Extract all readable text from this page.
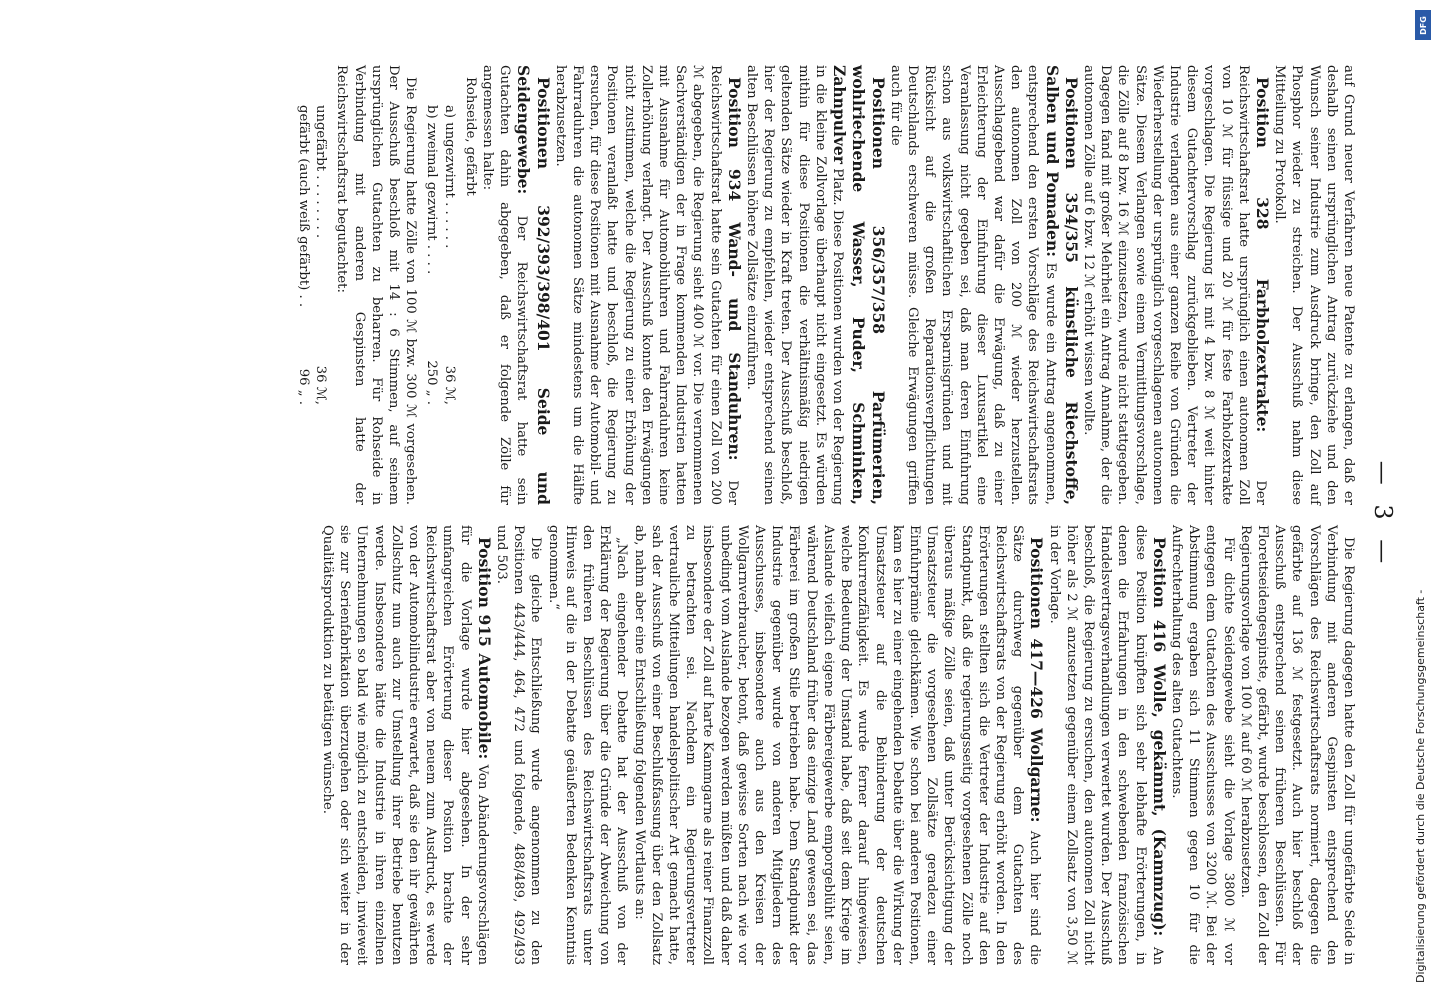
— 3 —

auf Grund neuer Verfahren neue Patente zu erlangen, daß er deshalb seinen ursprünglichen Antrag zurückziehe und den Wunsch seiner Industrie zum Ausdruck bringe, den Zoll auf Phosphor wieder zu streichen. Der Ausschuß nahm diese Mitteilung zu Protokoll.

Position 328 Farbholzextrakte: Der Reichswirtschaftsrat hatte ursprünglich einen autonomen Zoll von 10 ℳ für flüssige und 20 ℳ für feste Farbholzextrakte vorgeschlagen. Die Regierung ist mit 4 bzw. 8 ℳ weit hinter diesem Gutachtervorschlag zurückgeblieben. Vertreter der Industrie verlangten aus einer ganzen Reihe von Gründen die Wiederherstellung der ursprünglich vorgeschlagenen autonomen Sätze. Diesem Verlangen sowie einem Vermittlungsvorschlage, die Zölle auf 8 bzw. 16 ℳ einzusetzen, wurde nicht stattgegeben. Dagegen fand mit großer Mehrheit ein Antrag Annahme, der die autonomen Zölle auf 6 bzw. 12 ℳ erhöht wissen wollte.

Positionen 354/355 künstliche Riechstoffe, Salben und Pomaden: Es wurde ein Antrag angenommen, entsprechend den ersten Vorschläge des Reichswirtschaftsrats den autonomen Zoll von 200 ℳ wieder herzustellen. Ausschlaggebend war dafür die Erwägung, daß zu einer Erleichterung der Einfuhrung dieser Luxusartikel eine Veranlassung nicht gegeben sei, daß man deren Einfuhrung schon aus volkswirtschaftlichen Ersparnisgründen und mit Rücksicht auf die großen Reparationsverpflichtungen Deutschlands erschweren müsse. Gleiche Erwägungen griffen auch für die

Positionen 356/357/358 Parfümerien, wohlriechende Wasser, Puder, Schminken, Zahnpulver Platz. Diese Positionen wurden von der Regierung in die kleine Zollvorlage überhaupt nicht eingesetzt. Es würden mithin für diese Positionen die verhältnismäßig niedrigen geltenden Sätze wieder in Kraft treten. Der Ausschuß beschloß, hier der Regierung zu empfehlen, wieder entsprechend seinen alten Beschlüssen höhere Zollsätze einzuführen.

Position 934 Wand- und Standuhren: Der Reichswirtschaftsrat hatte sein Gutachten für einen Zoll von 200 ℳ abgegeben, die Regierung sieht 400 ℳ vor. Die vernommenen Sachverständigen der in Frage kommenden Industrien hatten mit Ausnahme für Automobiluhren und Fahrraduhren keine Zollerhöhung verlangt. Der Ausschuß konnte den Erwägungen nicht zustimmen, welche die Regierung zu einer Erhöhung der Positionen veranlaßt hatte und beschloß, die Regierung zu ersuchen, für diese Positionen mit Ausnahme der Automobil- und Fahrraduhren die autonomen Sätze mindestens um die Hälfte herabzusetzen.

Positionen 392/393/398/401 Seide und Seidengewebe: Der Reichswirtschaftsrat hatte sein Gutachten dahin abgegeben, daß er folgende Zölle für angemessen halte:

Rohseide, gefärbt

a) ungezwirnt . . . . . .
36 ℳ,
b) zweimal gezwirnt . . . .
250 „ .

Die Regierung hatte Zölle von 100 ℳ bzw. 300 ℳ vorgesehen. Der Ausschuß beschloß mit 14 : 6 Stimmen, auf seinem ursprünglichen Gutachten zu beharren. Für Rohseide in Verbindung mit anderen Gespinsten hatte der Reichswirtschaftsrat begutachtet:

ungefärbt . . . . . . . .
36 ℳ,
gefärbt (auch weiß gefärbt) . .
96 „ .

Die Regierung dagegen hatte den Zoll für ungefärbte Seide in Verbindung mit anderen Gespinsten entsprechend den Vorschlägen des Reichswirtschaftsrats normiert, dagegen die gefärbte auf 136 ℳ festgesetzt. Auch hier beschloß der Ausschuß entsprechend seinen früheren Beschlüssen. Für Florettseidengespinste, gefärbt, wurde beschlossen, den Zoll der Regierungsvorlage von 100 ℳ auf 60 ℳ herabzusetzen.

Für dichte Seidengewebe sieht die Vorlage 3800 ℳ vor entgegen dem Gutachten des Ausschusses von 3200 ℳ. Bei der Abstimmung ergaben sich 11 Stimmen gegen 10 für die Aufrechterhaltung des alten Gutachtens.

Position 416 Wolle, gekämmt, (Kammzug): An diese Position knüpften sich sehr lebhafte Erörterungen, in denen die Erfahrungen in den schwebenden französischen Handelsvertragsverhandlungen verwertet wurden. Der Ausschuß beschloß, die Regierung zu ersuchen, den autonomen Zoll nicht höher als 2 ℳ anzusetzen gegenüber einem Zollsatz von 3,50 ℳ in der Vorlage.

Positionen 417—426 Wollgarne: Auch hier sind die Sätze durchweg gegenüber dem Gutachten des Reichswirtschaftsrats von der Regierung erhöht worden. In den Erörterungen stellten sich die Vertreter der Industrie auf den Standpunkt, daß die regierungsseitig vorgesehenen Zölle noch überaus mäßige Zölle seien, daß unter Berücksichtigung der Umsatzsteuer die vorgesehenen Zollsätze geradezu einer Einfuhrprämie gleichkämen. Wie schon bei anderen Positionen, kam es hier zu einer eingehenden Debatte über die Wirkung der Umsatzsteuer auf die Behinderung der deutschen Konkurrenzfähigkeit. Es wurde ferner darauf hingewiesen, welche Bedeutung der Umstand habe, daß seit dem Kriege im Auslande vielfach eigene Färbereigewerbe emporgeblüht seien, während Deutschland früher das einzige Land gewesen sei, das Färberei im großen Stile betrieben habe. Dem Standpunkt der Industrie gegenüber wurde von anderen Mitgliedern des Ausschusses, insbesondere auch aus den Kreisen der Wollgarnverbraucher, betont, daß gewisse Sorten nach wie vor unbedingt vom Auslande bezogen werden müßten und daß daher insbesondere der Zoll auf harte Kammgarne als reiner Finanzzoll zu betrachten sei. Nachdem ein Regierungsvertreter vertrauliche Mitteilungen handelspolitischer Art gemacht hatte, sah der Ausschuß von einer Beschlußfassung über den Zollsatz ab, nahm aber eine Entschließung folgenden Wortlauts an:

„Nach eingehender Debatte hat der Ausschuß von der Erklärung der Regierung über die Gründe der Abweichung von den früheren Beschlüssen des Reichswirtschaftsrats unter Hinweis auf die in der Debatte geäußerten Bedenken Kenntnis genommen.“

Die gleiche Entschließung wurde angenommen zu den Positionen 443/444, 464, 472 und folgende, 488/489, 492/493 und 503.

Position 915 Automobile: Von Abänderungsvorschlägen für die Vorlage wurde hier abgesehen. In der sehr umfangreichen Erörterung dieser Position brachte der Reichswirtschaftsrat aber von neuem zum Ausdruck, es werde von der Automobilindustrie erwartet, daß sie den ihr gewährten Zollschutz nun auch zur Umstellung ihrer Betriebe benutzen werde. Insbesondere hätte die Industrie in ihren einzelnen Unternehmungen so bald wie möglich zu entscheiden, inwieweit sie zur Serienfabrikation überzugehen oder sich weiter in der Qualitätsproduktion zu betätigen wünsche.	Digitalisierung gefördert durch die Deutsche Forschungsgemeinschaft -
DFG
